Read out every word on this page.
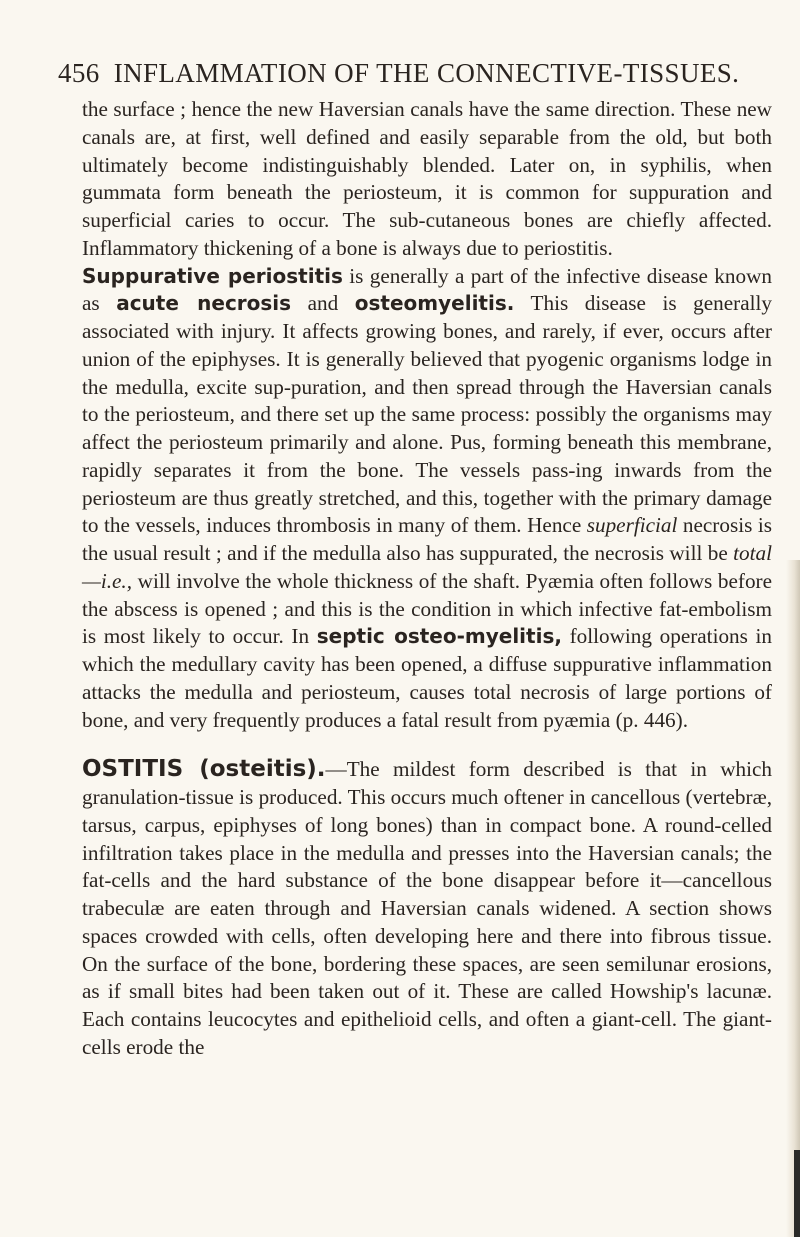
456 INFLAMMATION OF THE CONNECTIVE-TISSUES.

the surface ; hence the new Haversian canals have the same direction. These new canals are, at first, well defined and easily separable from the old, but both ultimately become indistinguishably blended. Later on, in syphilis, when gummata form beneath the periosteum, it is common for suppuration and superficial caries to occur. The sub-cutaneous bones are chiefly affected. Inflammatory thickening of a bone is always due to periostitis.

Suppurative periostitis is generally a part of the infective disease known as acute necrosis and osteomyelitis. This disease is generally associated with injury. It affects growing bones, and rarely, if ever, occurs after union of the epiphyses. It is generally believed that pyogenic organisms lodge in the medulla, excite sup-puration, and then spread through the Haversian canals to the periosteum, and there set up the same process: possibly the organisms may affect the periosteum primarily and alone. Pus, forming beneath this membrane, rapidly separates it from the bone. The vessels pass-ing inwards from the periosteum are thus greatly stretched, and this, together with the primary damage to the vessels, induces thrombosis in many of them. Hence superficial necrosis is the usual result ; and if the medulla also has suppurated, the necrosis will be total—i.e., will involve the whole thickness of the shaft. Pyæmia often follows before the abscess is opened ; and this is the condition in which infective fat-embolism is most likely to occur. In septic osteo-myelitis, following operations in which the medullary cavity has been opened, a diffuse suppurative inflammation attacks the medulla and periosteum, causes total necrosis of large portions of bone, and very frequently produces a fatal result from pyæmia (p. 446).

OSTITIS (osteitis).—The mildest form described is that in which granulation-tissue is produced. This occurs much oftener in cancellous (vertebræ, tarsus, carpus, epiphyses of long bones) than in compact bone. A round-celled infiltration takes place in the medulla and presses into the Haversian canals; the fat-cells and the hard substance of the bone disappear before it—cancellous trabeculæ are eaten through and Haversian canals widened. A section shows spaces crowded with cells, often developing here and there into fibrous tissue. On the surface of the bone, bordering these spaces, are seen semilunar erosions, as if small bites had been taken out of it. These are called Howship's lacunæ. Each contains leucocytes and epithelioid cells, and often a giant-cell. The giant-cells erode the
